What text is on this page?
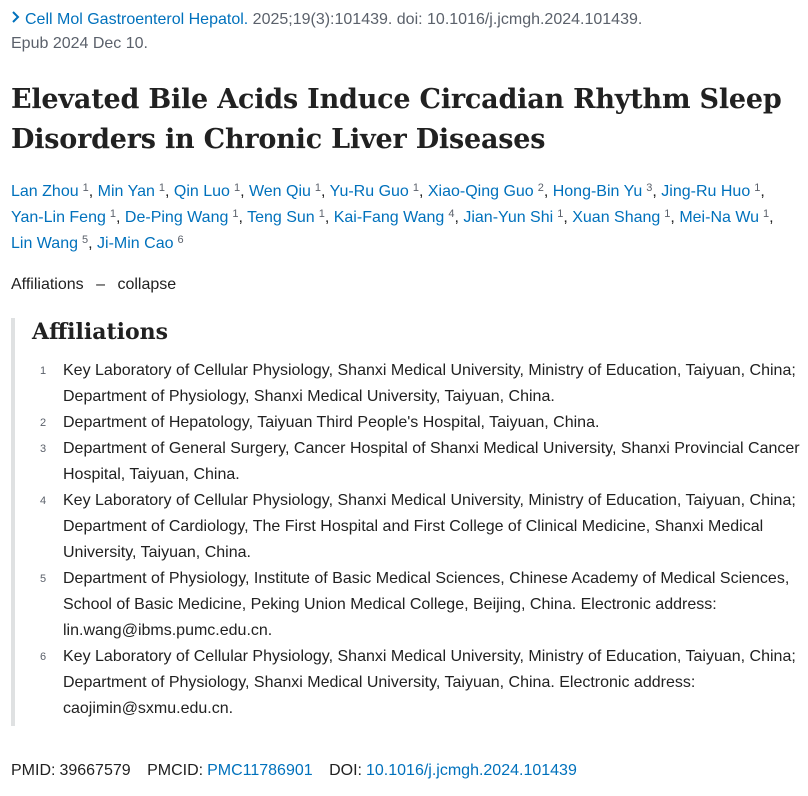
Cell Mol Gastroenterol Hepatol. 2025;19(3):101439. doi: 10.1016/j.jcmgh.2024.101439.
Epub 2024 Dec 10.
Elevated Bile Acids Induce Circadian Rhythm Sleep Disorders in Chronic Liver Diseases
Lan Zhou $^1$, Min Yan $^1$, Qin Luo $^1$, Wen Qiu $^1$, Yu-Ru Guo $^1$, Xiao-Qing Guo $^2$, Hong-Bin Yu $^3$, Jing-Ru Huo $^1$, Yan-Lin Feng $^1$, De-Ping Wang $^1$, Teng Sun $^1$, Kai-Fang Wang $^4$, Jian-Yun Shi $^1$, Xuan Shang $^1$, Mei-Na Wu $^1$, Lin Wang $^5$, Ji-Min Cao $^6$
Affiliations – collapse
Affiliations
1 Key Laboratory of Cellular Physiology, Shanxi Medical University, Ministry of Education, Taiyuan, China; Department of Physiology, Shanxi Medical University, Taiyuan, China.
2 Department of Hepatology, Taiyuan Third People's Hospital, Taiyuan, China.
3 Department of General Surgery, Cancer Hospital of Shanxi Medical University, Shanxi Provincial Cancer Hospital, Taiyuan, China.
4 Key Laboratory of Cellular Physiology, Shanxi Medical University, Ministry of Education, Taiyuan, China; Department of Cardiology, The First Hospital and First College of Clinical Medicine, Shanxi Medical University, Taiyuan, China.
5 Department of Physiology, Institute of Basic Medical Sciences, Chinese Academy of Medical Sciences, School of Basic Medicine, Peking Union Medical College, Beijing, China. Electronic address: lin.wang@ibms.pumc.edu.cn.
6 Key Laboratory of Cellular Physiology, Shanxi Medical University, Ministry of Education, Taiyuan, China; Department of Physiology, Shanxi Medical University, Taiyuan, China. Electronic address: caojimin@sxmu.edu.cn.
PMID: 39667579 PMCID: PMC11786901 DOI: 10.1016/j.jcmgh.2024.101439
